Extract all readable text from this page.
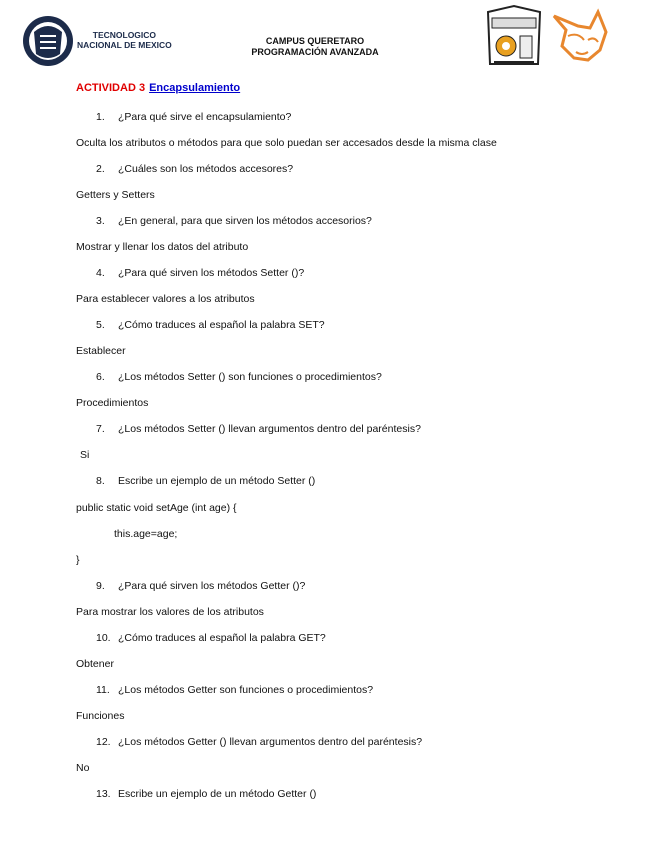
TECNOLOGICO
NACIONAL DE MEXICO	CAMPUS QUERETARO
PROGRAMACIÓN AVANZADA
ACTIVIDAD 3 Encapsulamiento
1. ¿Para qué sirve el encapsulamiento?
Oculta los atributos o métodos para que solo puedan ser accesados desde la misma clase
2. ¿Cuáles son los métodos accesores?
Getters y Setters
3. ¿En general, para que sirven los métodos accesorios?
Mostrar y llenar los datos del atributo
4. ¿Para qué sirven los métodos Setter ()?
Para establecer valores a los atributos
5. ¿Cómo traduces al español la palabra SET?
Establecer
6. ¿Los métodos Setter () son funciones o procedimientos?
Procedimientos
7. ¿Los métodos Setter () llevan argumentos dentro del paréntesis?
Si
8. Escribe un ejemplo de un método Setter ()
public static void setAge (int age) {
this.age=age;
}
9. ¿Para qué sirven los métodos Getter ()?
Para mostrar los valores de los atributos
10. ¿Cómo traduces al español la palabra GET?
Obtener
11. ¿Los métodos Getter son funciones o procedimientos?
Funciones
12. ¿Los métodos Getter () llevan argumentos dentro del paréntesis?
No
13. Escribe un ejemplo de un método Getter ()
